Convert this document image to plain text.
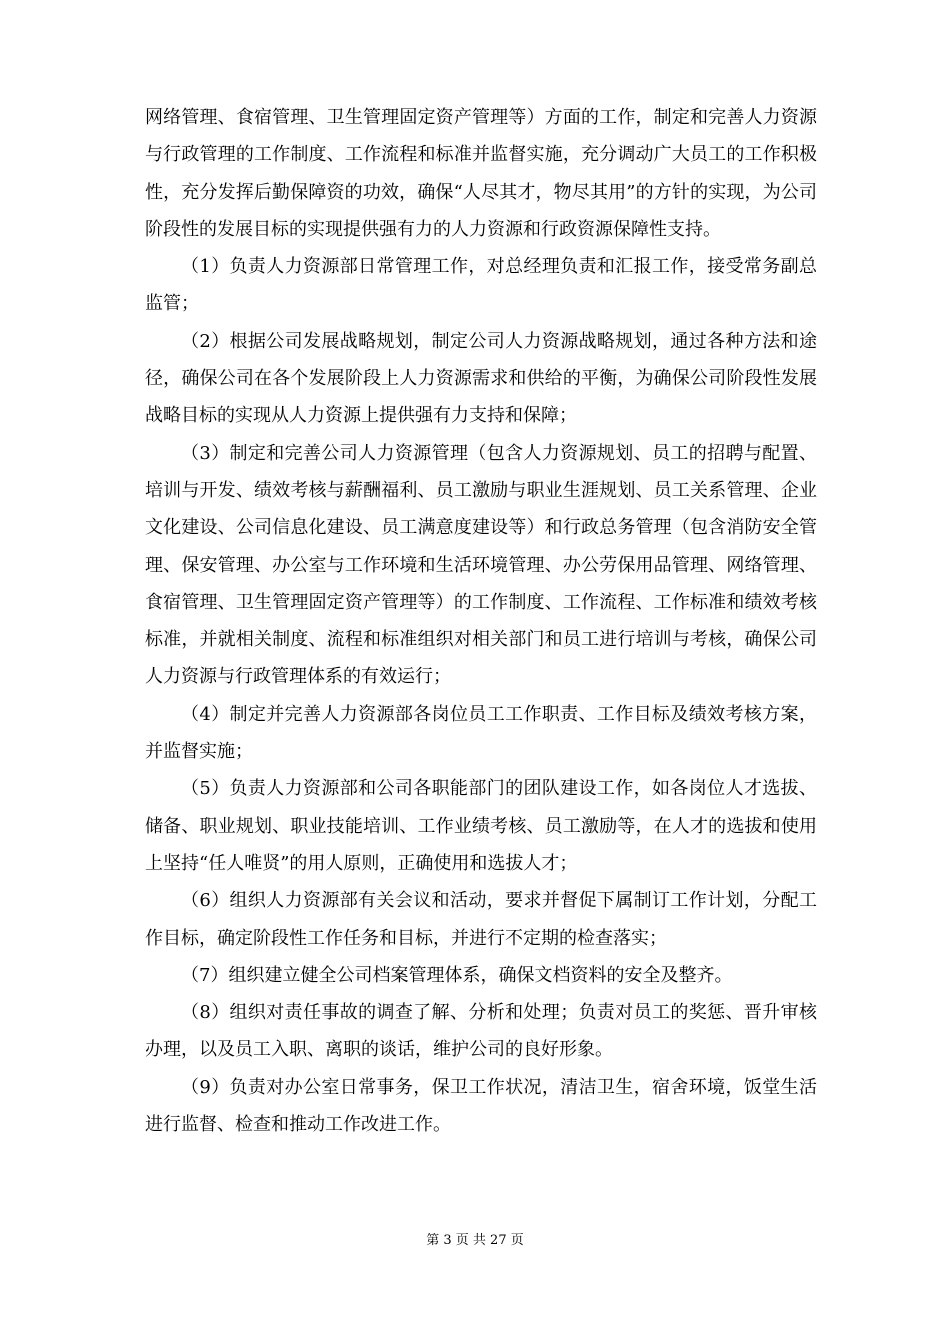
网络管理、食宿管理、卫生管理固定资产管理等）方面的工作，制定和完善人力资源与行政管理的工作制度、工作流程和标准并监督实施，充分调动广大员工的工作积极性，充分发挥后勤保障资的功效，确保“人尽其才，物尽其用”的方针的实现，为公司阶段性的发展目标的实现提供强有力的人力资源和行政资源保障性支持。

（1）负责人力资源部日常管理工作，对总经理负责和汇报工作，接受常务副总监管；

（2）根据公司发展战略规划，制定公司人力资源战略规划，通过各种方法和途径，确保公司在各个发展阶段上人力资源需求和供给的平衡，为确保公司阶段性发展战略目标的实现从人力资源上提供强有力支持和保障；

（3）制定和完善公司人力资源管理（包含人力资源规划、员工的招聘与配置、培训与开发、绩效考核与薪酬福利、员工激励与职业生涯规划、员工关系管理、企业文化建设、公司信息化建设、员工满意度建设等）和行政总务管理（包含消防安全管理、保安管理、办公室与工作环境和生活环境管理、办公劳保用品管理、网络管理、食宿管理、卫生管理固定资产管理等）的工作制度、工作流程、工作标准和绩效考核标准，并就相关制度、流程和标准组织对相关部门和员工进行培训与考核，确保公司人力资源与行政管理体系的有效运行；

（4）制定并完善人力资源部各岗位员工工作职责、工作目标及绩效考核方案，并监督实施；

（5）负责人力资源部和公司各职能部门的团队建设工作，如各岗位人才选拔、储备、职业规划、职业技能培训、工作业绩考核、员工激励等，在人才的选拔和使用上坚持“任人唯贤”的用人原则，正确使用和选拔人才；

（6）组织人力资源部有关会议和活动，要求并督促下属制订工作计划，分配工作目标，确定阶段性工作任务和目标，并进行不定期的检查落实；

（7）组织建立健全公司档案管理体系，确保文档资料的安全及整齐。

（8）组织对责任事故的调查了解、分析和处理；负责对员工的奖惩、晋升审核办理，以及员工入职、离职的谈话，维护公司的良好形象。

（9）负责对办公室日常事务，保卫工作状况，清洁卫生，宿舍环境，饭堂生活进行监督、检查和推动工作改进工作。

第 3 页 共 27 页
